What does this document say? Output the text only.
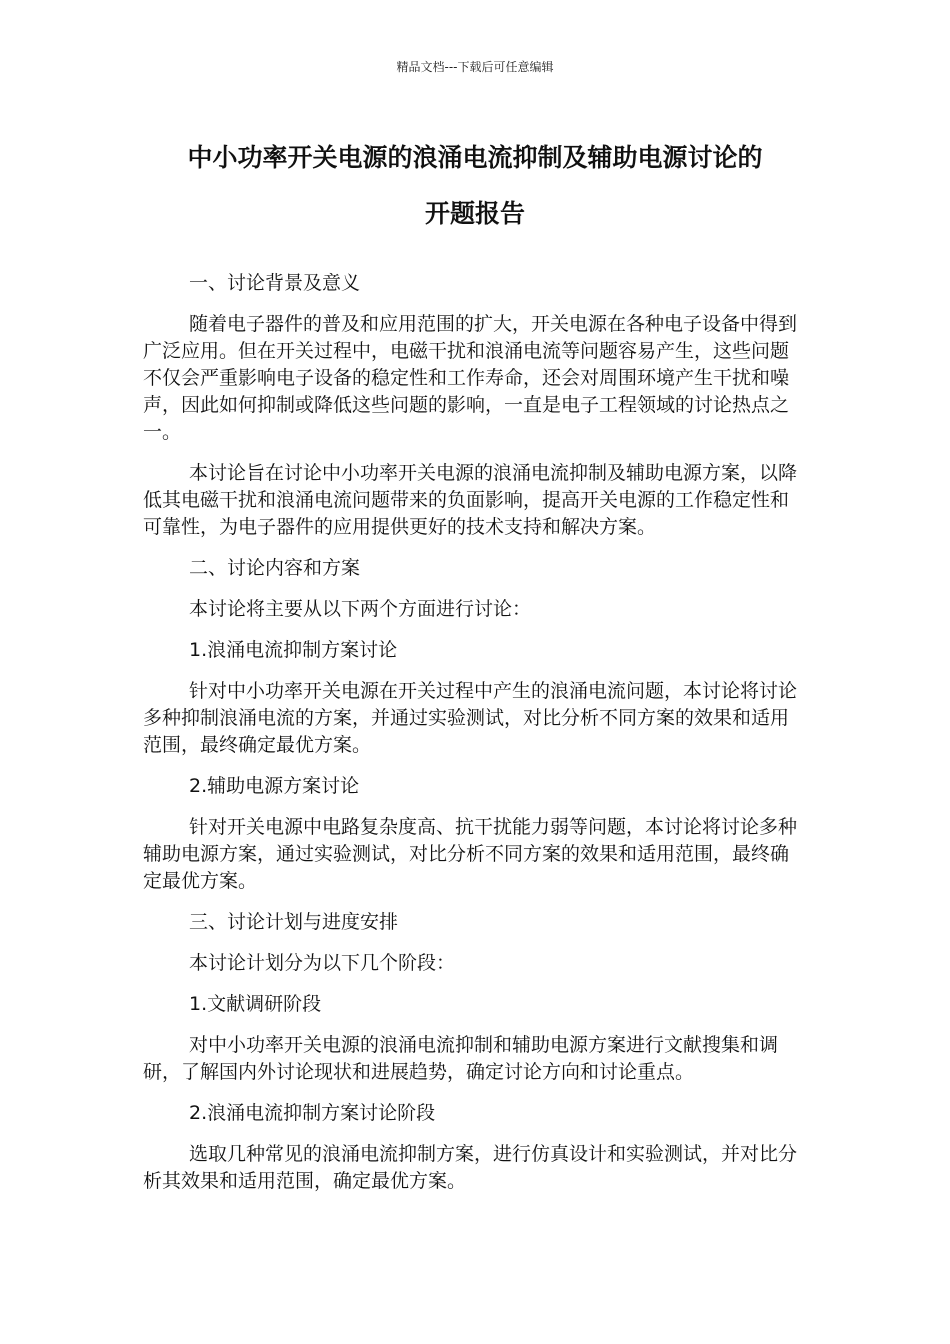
精品文档---下载后可任意编辑
中小功率开关电源的浪涌电流抑制及辅助电源讨论的
开题报告

一、讨论背景及意义

随着电子器件的普及和应用范围的扩大，开关电源在各种电子设备中得到广泛应用。但在开关过程中，电磁干扰和浪涌电流等问题容易产生，这些问题不仅会严重影响电子设备的稳定性和工作寿命，还会对周围环境产生干扰和噪声，因此如何抑制或降低这些问题的影响，一直是电子工程领域的讨论热点之一。

本讨论旨在讨论中小功率开关电源的浪涌电流抑制及辅助电源方案，以降低其电磁干扰和浪涌电流问题带来的负面影响，提高开关电源的工作稳定性和可靠性，为电子器件的应用提供更好的技术支持和解决方案。

二、讨论内容和方案

本讨论将主要从以下两个方面进行讨论：

1.浪涌电流抑制方案讨论

针对中小功率开关电源在开关过程中产生的浪涌电流问题，本讨论将讨论多种抑制浪涌电流的方案，并通过实验测试，对比分析不同方案的效果和适用范围，最终确定最优方案。

2.辅助电源方案讨论

针对开关电源中电路复杂度高、抗干扰能力弱等问题，本讨论将讨论多种辅助电源方案，通过实验测试，对比分析不同方案的效果和适用范围，最终确定最优方案。

三、讨论计划与进度安排

本讨论计划分为以下几个阶段：

1.文献调研阶段

对中小功率开关电源的浪涌电流抑制和辅助电源方案进行文献搜集和调研，了解国内外讨论现状和进展趋势，确定讨论方向和讨论重点。

2.浪涌电流抑制方案讨论阶段

选取几种常见的浪涌电流抑制方案，进行仿真设计和实验测试，并对比分析其效果和适用范围，确定最优方案。
